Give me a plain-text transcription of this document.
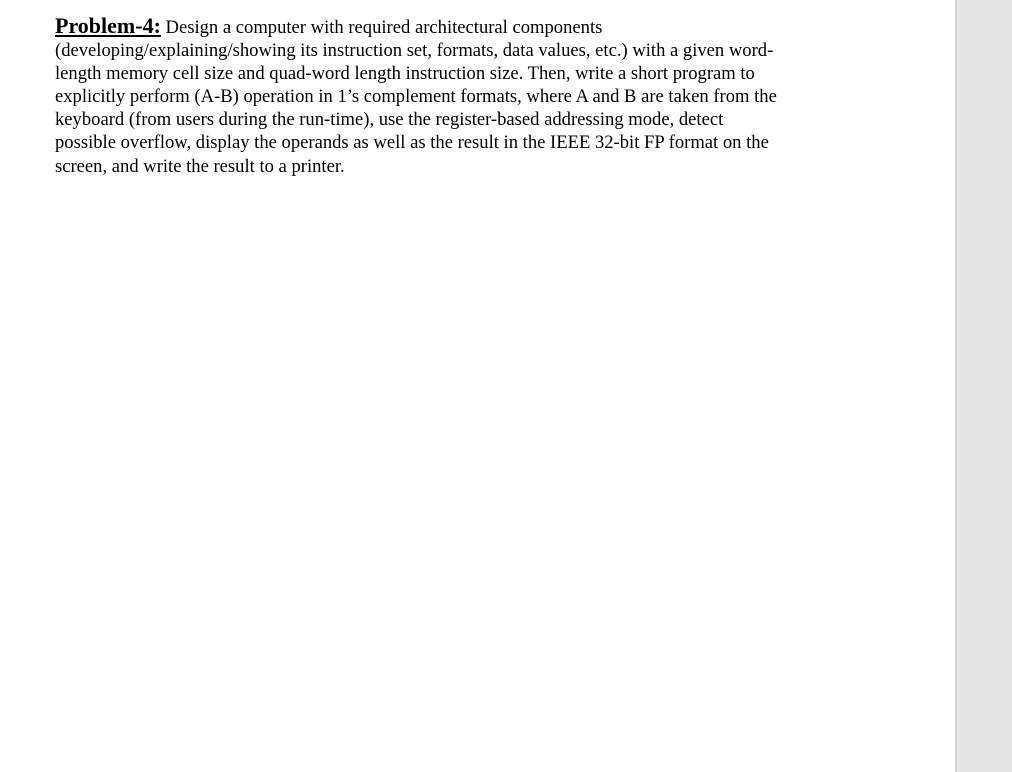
Problem-4: Design a computer with required architectural components
(developing/explaining/showing its instruction set, formats, data values, etc.) with a given word-
length memory cell size and quad-word length instruction size. Then, write a short program to
explicitly perform (A-B) operation in 1’s complement formats, where A and B are taken from the
keyboard (from users during the run-time), use the register-based addressing mode, detect
possible overflow, display the operands as well as the result in the IEEE 32-bit FP format on the
screen, and write the result to a printer.
